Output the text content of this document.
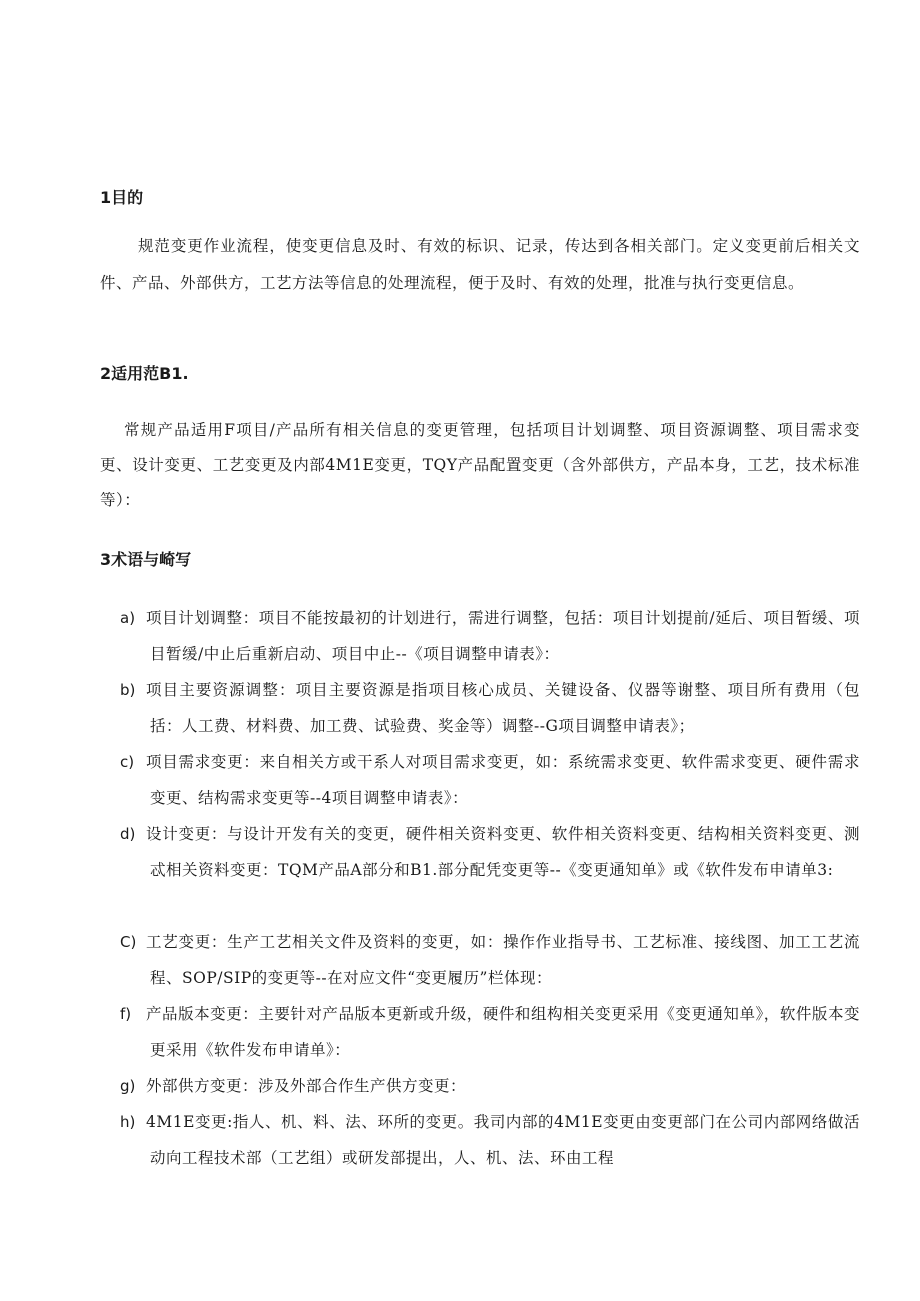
1目的

规范变更作业流程，使变更信息及时、有效的标识、记录，传达到各相关部门。定义变更前后相关文件、产品、外部供方，工艺方法等信息的处理流程，便于及时、有效的处理，批准与执行变更信息。

2适用范B1.

常规产品适用F项目/产品所有相关信息的变更管理，包括项目计划调整、项目资源调整、项目需求变更、设计变更、工艺变更及内部4M1E变更，TQY产品配置变更（含外部供方，产品本身，工艺，技术标准等）：

3术语与崎写
a) 项目计划调整：项目不能按最初的计划进行，需进行调整，包括：项目计划提前/延后、项目暂缓、项目暂缓/中止后重新启动、项目中止--《项目调整申请表》：
b) 项目主要资源调整：项目主要资源是指项目核心成员、关键设备、仪器等谢整、项目所有费用（包括：人工费、材料费、加工费、试验费、奖金等）调整--G项目调整申请表》；
c) 项目需求变更：来自相关方或干系人对项目需求变更，如：系统需求变更、软件需求变更、硬件需求变更、结构需求变更等--4项目调整申请表》：
d) 设计变更：与设计开发有关的变更，硬件相关资料变更、软件相关资料变更、结构相关资料变更、测忒相关资料变更：TQM产品A部分和B1.部分配凭变更等--《变更通知单》或《软件发布申请单3:
C) 工艺变更：生产工艺相关文件及资料的变更，如：操作作业指导书、工艺标准、接线图、加工工艺流程、SOP/SIP的变更等--在对应文件“变更履历”栏体现：
f) 产品版本变更：主要针对产品版本更新或升级，硬件和组构相关变更采用《变更通知单》，软件版本变更采用《软件发布申请单》：
g) 外部供方变更：涉及外部合作生产供方变更：
h) 4M1E变更:指人、机、料、法、环所的变更。我司内部的4M1E变更由变更部门在公司内部网络做活动向工程技术部（工艺组）或研发部提出，人、机、法、环由工程
